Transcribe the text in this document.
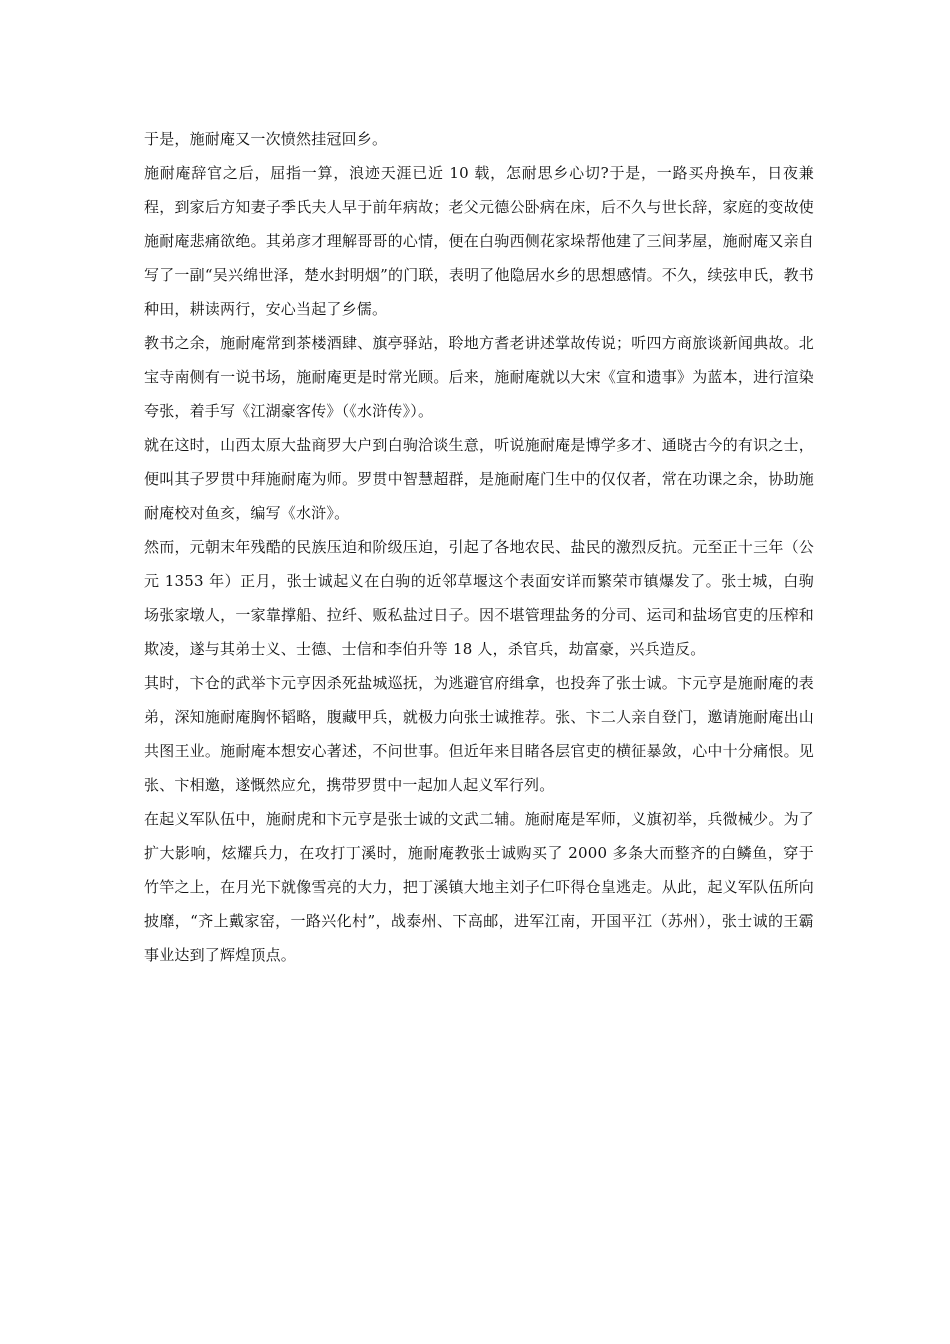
于是，施耐庵又一次愤然挂冠回乡。

施耐庵辞官之后，屈指一算，浪迹天涯已近 10 载，怎耐思乡心切?于是，一路买舟换车，日夜兼程，到家后方知妻子季氏夫人早于前年病故；老父元德公卧病在床，后不久与世长辞，家庭的变故使施耐庵悲痛欲绝。其弟彦才理解哥哥的心情，便在白驹西侧花家垛帮他建了三间茅屋，施耐庵又亲自写了一副“吴兴绵世泽，楚水封明烟”的门联，表明了他隐居水乡的思想感情。不久，续弦申氏，教书种田，耕读两行，安心当起了乡儒。

教书之余，施耐庵常到茶楼酒肆、旗亭驿站，聆地方耆老讲述掌故传说；听四方商旅谈新闻典故。北宝寺南侧有一说书场，施耐庵更是时常光顾。后来，施耐庵就以大宋《宣和遗事》为蓝本，进行渲染夸张，着手写《江湖豪客传》（《水浒传》）。

就在这时，山西太原大盐商罗大户到白驹洽谈生意，听说施耐庵是博学多才、通晓古今的有识之士，便叫其子罗贯中拜施耐庵为师。罗贯中智慧超群，是施耐庵门生中的仅仅者，常在功课之余，协助施耐庵校对鱼亥，编写《水浒》。

然而，元朝末年残酷的民族压迫和阶级压迫，引起了各地农民、盐民的激烈反抗。元至正十三年（公元 1353 年）正月，张士诚起义在白驹的近邻草堰这个表面安详而繁荣市镇爆发了。张士城，白驹场张家墩人，一家靠撑船、拉纤、贩私盐过日子。因不堪管理盐务的分司、运司和盐场官吏的压榨和欺凌，遂与其弟士义、士德、士信和李伯升等 18 人，杀官兵，劫富豪，兴兵造反。

其时，卞仓的武举卞元亨因杀死盐城巡抚，为逃避官府缉拿，也投奔了张士诚。卞元亨是施耐庵的表弟，深知施耐庵胸怀韬略，腹藏甲兵，就极力向张士诚推荐。张、卞二人亲自登门，邀请施耐庵出山共图王业。施耐庵本想安心著述，不问世事。但近年来目睹各层官吏的横征暴敛，心中十分痛恨。见张、卞相邀，遂慨然应允，携带罗贯中一起加人起义军行列。

在起义军队伍中，施耐虎和卞元亨是张士诚的文武二辅。施耐庵是军师，义旗初举，兵微械少。为了扩大影响，炫耀兵力，在攻打丁溪时，施耐庵教张士诚购买了 2000 多条大而整齐的白鳞鱼，穿于竹竿之上，在月光下就像雪亮的大力，把丁溪镇大地主刘子仁吓得仓皇逃走。从此，起义军队伍所向披靡，“齐上戴家窑，一路兴化村”，战泰州、下高邮，进军江南，开国平江（苏州），张士诚的王霸事业达到了辉煌顶点。
